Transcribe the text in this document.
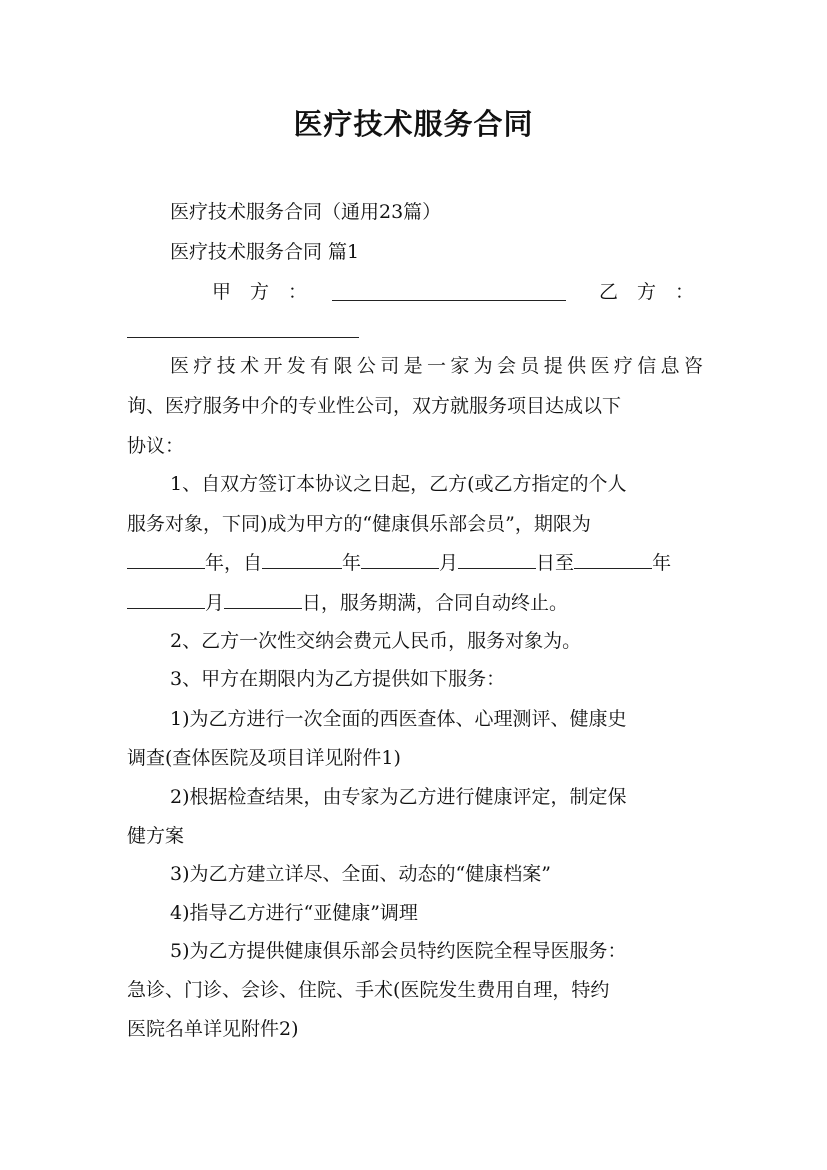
医疗技术服务合同
医疗技术服务合同（通用23篇）
医疗技术服务合同 篇1
甲　方　：	乙　方　：
医 疗 技 术 开 发 有 限 公 司 是 一 家 为 会 员 提 供 医 疗 信 息 咨
询、医疗服务中介的专业性公司，双方就服务项目达成以下
协议：
1、自双方签订本协议之日起，乙方(或乙方指定的个人
服务对象，下同)成为甲方的“健康俱乐部会员”，期限为
年，自	年	月	日至	年
月	日，服务期满，合同自动终止。
2、乙方一次性交纳会费元人民币，服务对象为。
3、甲方在期限内为乙方提供如下服务：
1)为乙方进行一次全面的西医查体、心理测评、健康史
调查(查体医院及项目详见附件1)
2)根据检查结果，由专家为乙方进行健康评定，制定保
健方案
3)为乙方建立详尽、全面、动态的“健康档案”
4)指导乙方进行“亚健康”调理
5)为乙方提供健康俱乐部会员特约医院全程导医服务：
急诊、门诊、会诊、住院、手术(医院发生费用自理，特约
医院名单详见附件2)
